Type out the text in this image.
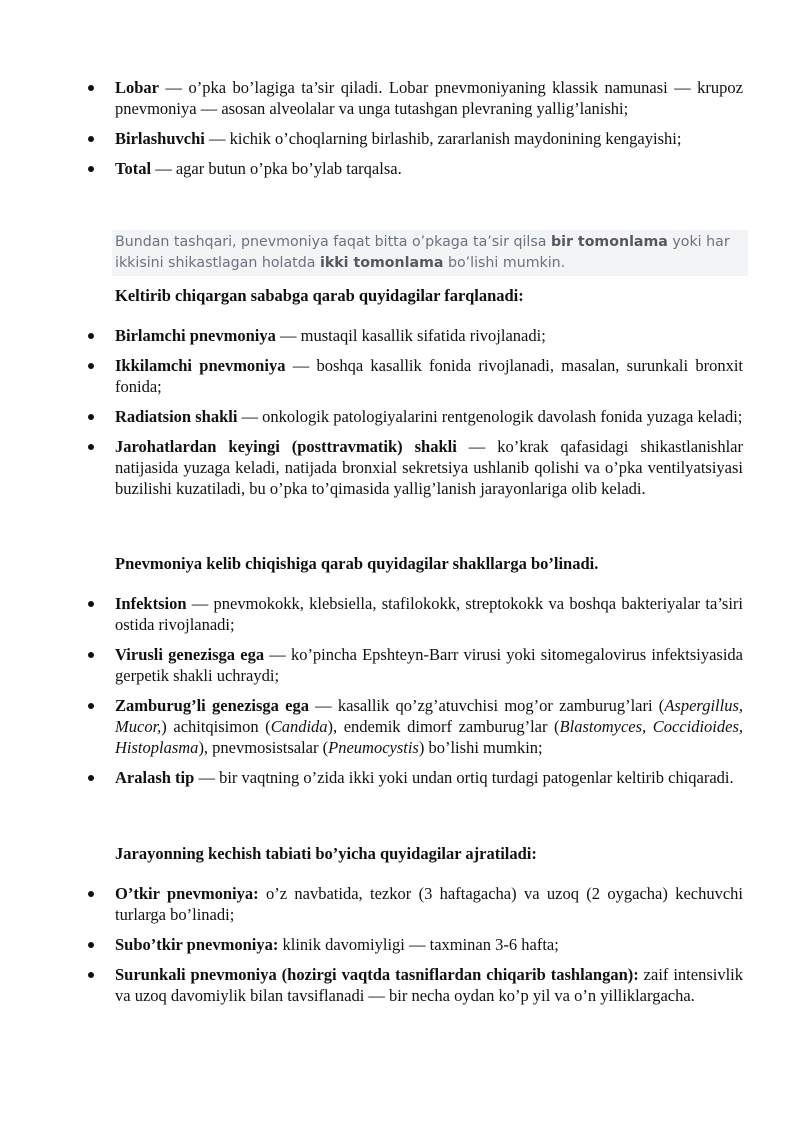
Lobar — o’pka bo’lagiga ta’sir qiladi. Lobar pnevmoniyaning klassik namunasi — krupoz pnevmoniya — asosan alveolalar va unga tutashgan plevraning yallig’lanishi;
Birlashuvchi — kichik o’choqlarning birlashib, zararlanish maydonining kengayishi;
Total — agar butun o’pka bo’ylab tarqalsa.
Bundan tashqari, pnevmoniya faqat bitta o’pkaga ta’sir qilsa bir tomonlama yoki har ikkisini shikastlagan holatda ikki tomonlama bo’lishi mumkin.

Keltirib chiqargan sababga qarab quyidagilar farqlanadi:

Birlamchi pnevmoniya — mustaqil kasallik sifatida rivojlanadi;
Ikkilamchi pnevmoniya — boshqa kasallik fonida rivojlanadi, masalan, surunkali bronxit fonida;
Radiatsion shakli — onkologik patologiyalarini rentgenologik davolash fonida yuzaga keladi;
Jarohatlardan keyingi (posttravmatik) shakli — ko’krak qafasidagi shikastlanishlar natijasida yuzaga keladi, natijada bronxial sekretsiya ushlanib qolishi va o’pka ventilyatsiyasi buzilishi kuzatiladi, bu o’pka to’qimasida yallig’lanish jarayonlariga olib keladi.

Pnevmoniya kelib chiqishiga qarab quyidagilar shakllarga bo’linadi.

Infektsion — pnevmokokk, klebsiella, stafilokokk, streptokokk va boshqa bakteriyalar ta’siri ostida rivojlanadi;
Virusli genezisga ega — ko’pincha Epshteyn-Barr virusi yoki sitomegalovirus infektsiyasida gerpetik shakli uchraydi;
Zamburug’li genezisga ega — kasallik qo’zg’atuvchisi mog’or zamburug’lari (Aspergillus, Mucor,) achitqisimon (Candida), endemik dimorf zamburug’lar (Blastomyces, Coccidioides, Histoplasma), pnevmosistsalar (Pneumocystis) bo’lishi mumkin;
Aralash tip — bir vaqtning o’zida ikki yoki undan ortiq turdagi patogenlar keltirib chiqaradi.

Jarayonning kechish tabiati bo’yicha quyidagilar ajratiladi:

O’tkir pnevmoniya: o’z navbatida, tezkor (3 haftagacha) va uzoq (2 oygacha) kechuvchi turlarga bo’linadi;
Subo’tkir pnevmoniya: klinik davomiyligi — taxminan 3-6 hafta;
Surunkali pnevmoniya (hozirgi vaqtda tasniflardan chiqarib tashlangan): zaif intensivlik va uzoq davomiylik bilan tavsiflanadi — bir necha oydan ko’p yil va o’n yilliklargacha.
